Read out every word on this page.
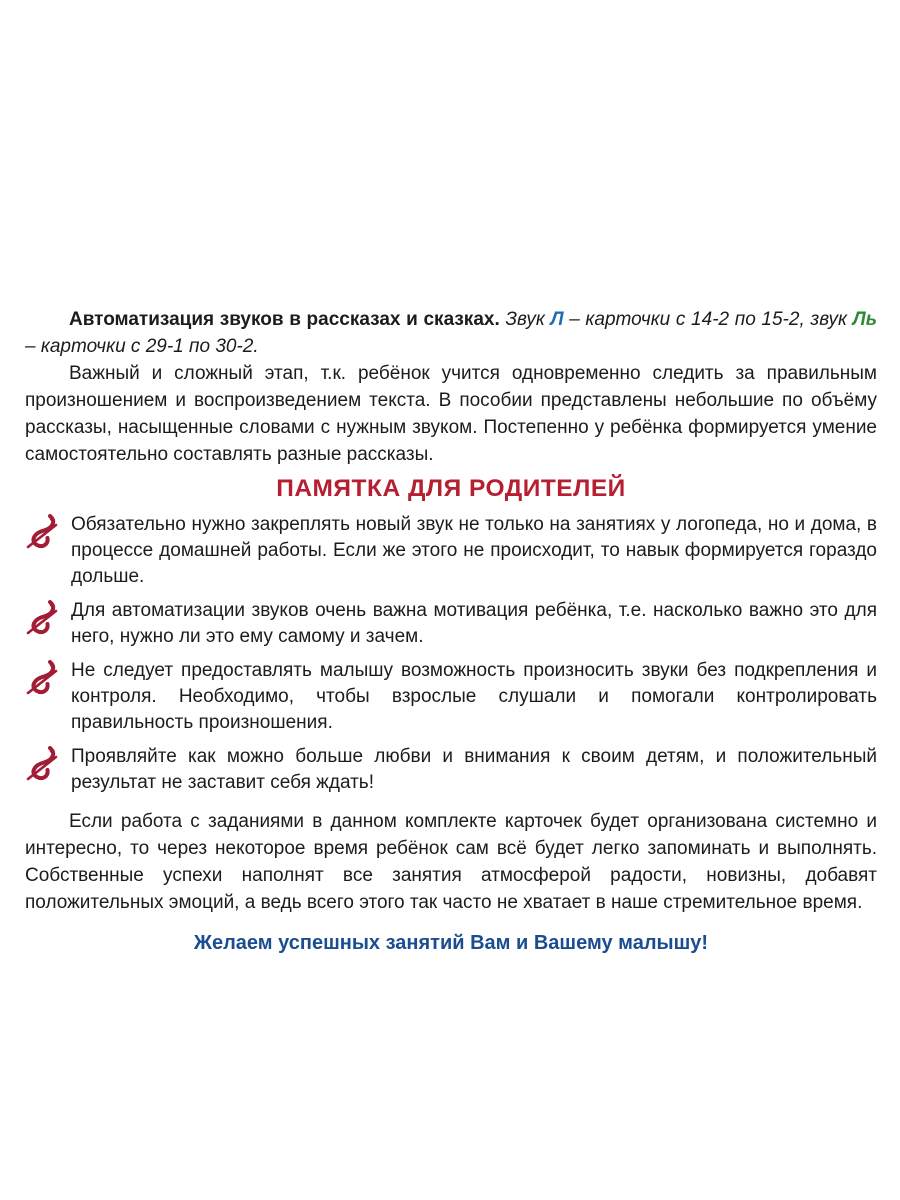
Автоматизация звуков в рассказах и сказках. Звук Л – карточки с 14-2 по 15-2, звук Ль – карточки с 29-1 по 30-2.

Важный и сложный этап, т.к. ребёнок учится одновременно следить за правильным произношением и воспроизведением текста. В пособии представлены небольшие по объёму рассказы, насыщенные словами с нужным звуком. Постепенно у ребёнка формируется умение самостоятельно составлять разные рассказы.

ПАМЯТКА ДЛЯ РОДИТЕЛЕЙ
Обязательно нужно закреплять новый звук не только на занятиях у логопеда, но и дома, в процессе домашней работы. Если же этого не происходит, то навык формируется гораздо дольше.
Для автоматизации звуков очень важна мотивация ребёнка, т.е. насколько важно это для него, нужно ли это ему самому и зачем.
Не следует предоставлять малышу возможность произносить звуки без подкрепления и контроля. Необходимо, чтобы взрослые слушали и помогали контролировать правильность произношения.
Проявляйте как можно больше любви и внимания к своим детям, и положительный результат не заставит себя ждать!

Если работа с заданиями в данном комплекте карточек будет организована системно и интересно, то через некоторое время ребёнок сам всё будет легко запоминать и выполнять. Собственные успехи наполнят все занятия атмосферой радости, новизны, добавят положительных эмоций, а ведь всего этого так часто не хватает в наше стремительное время.

Желаем успешных занятий Вам и Вашему малышу!
